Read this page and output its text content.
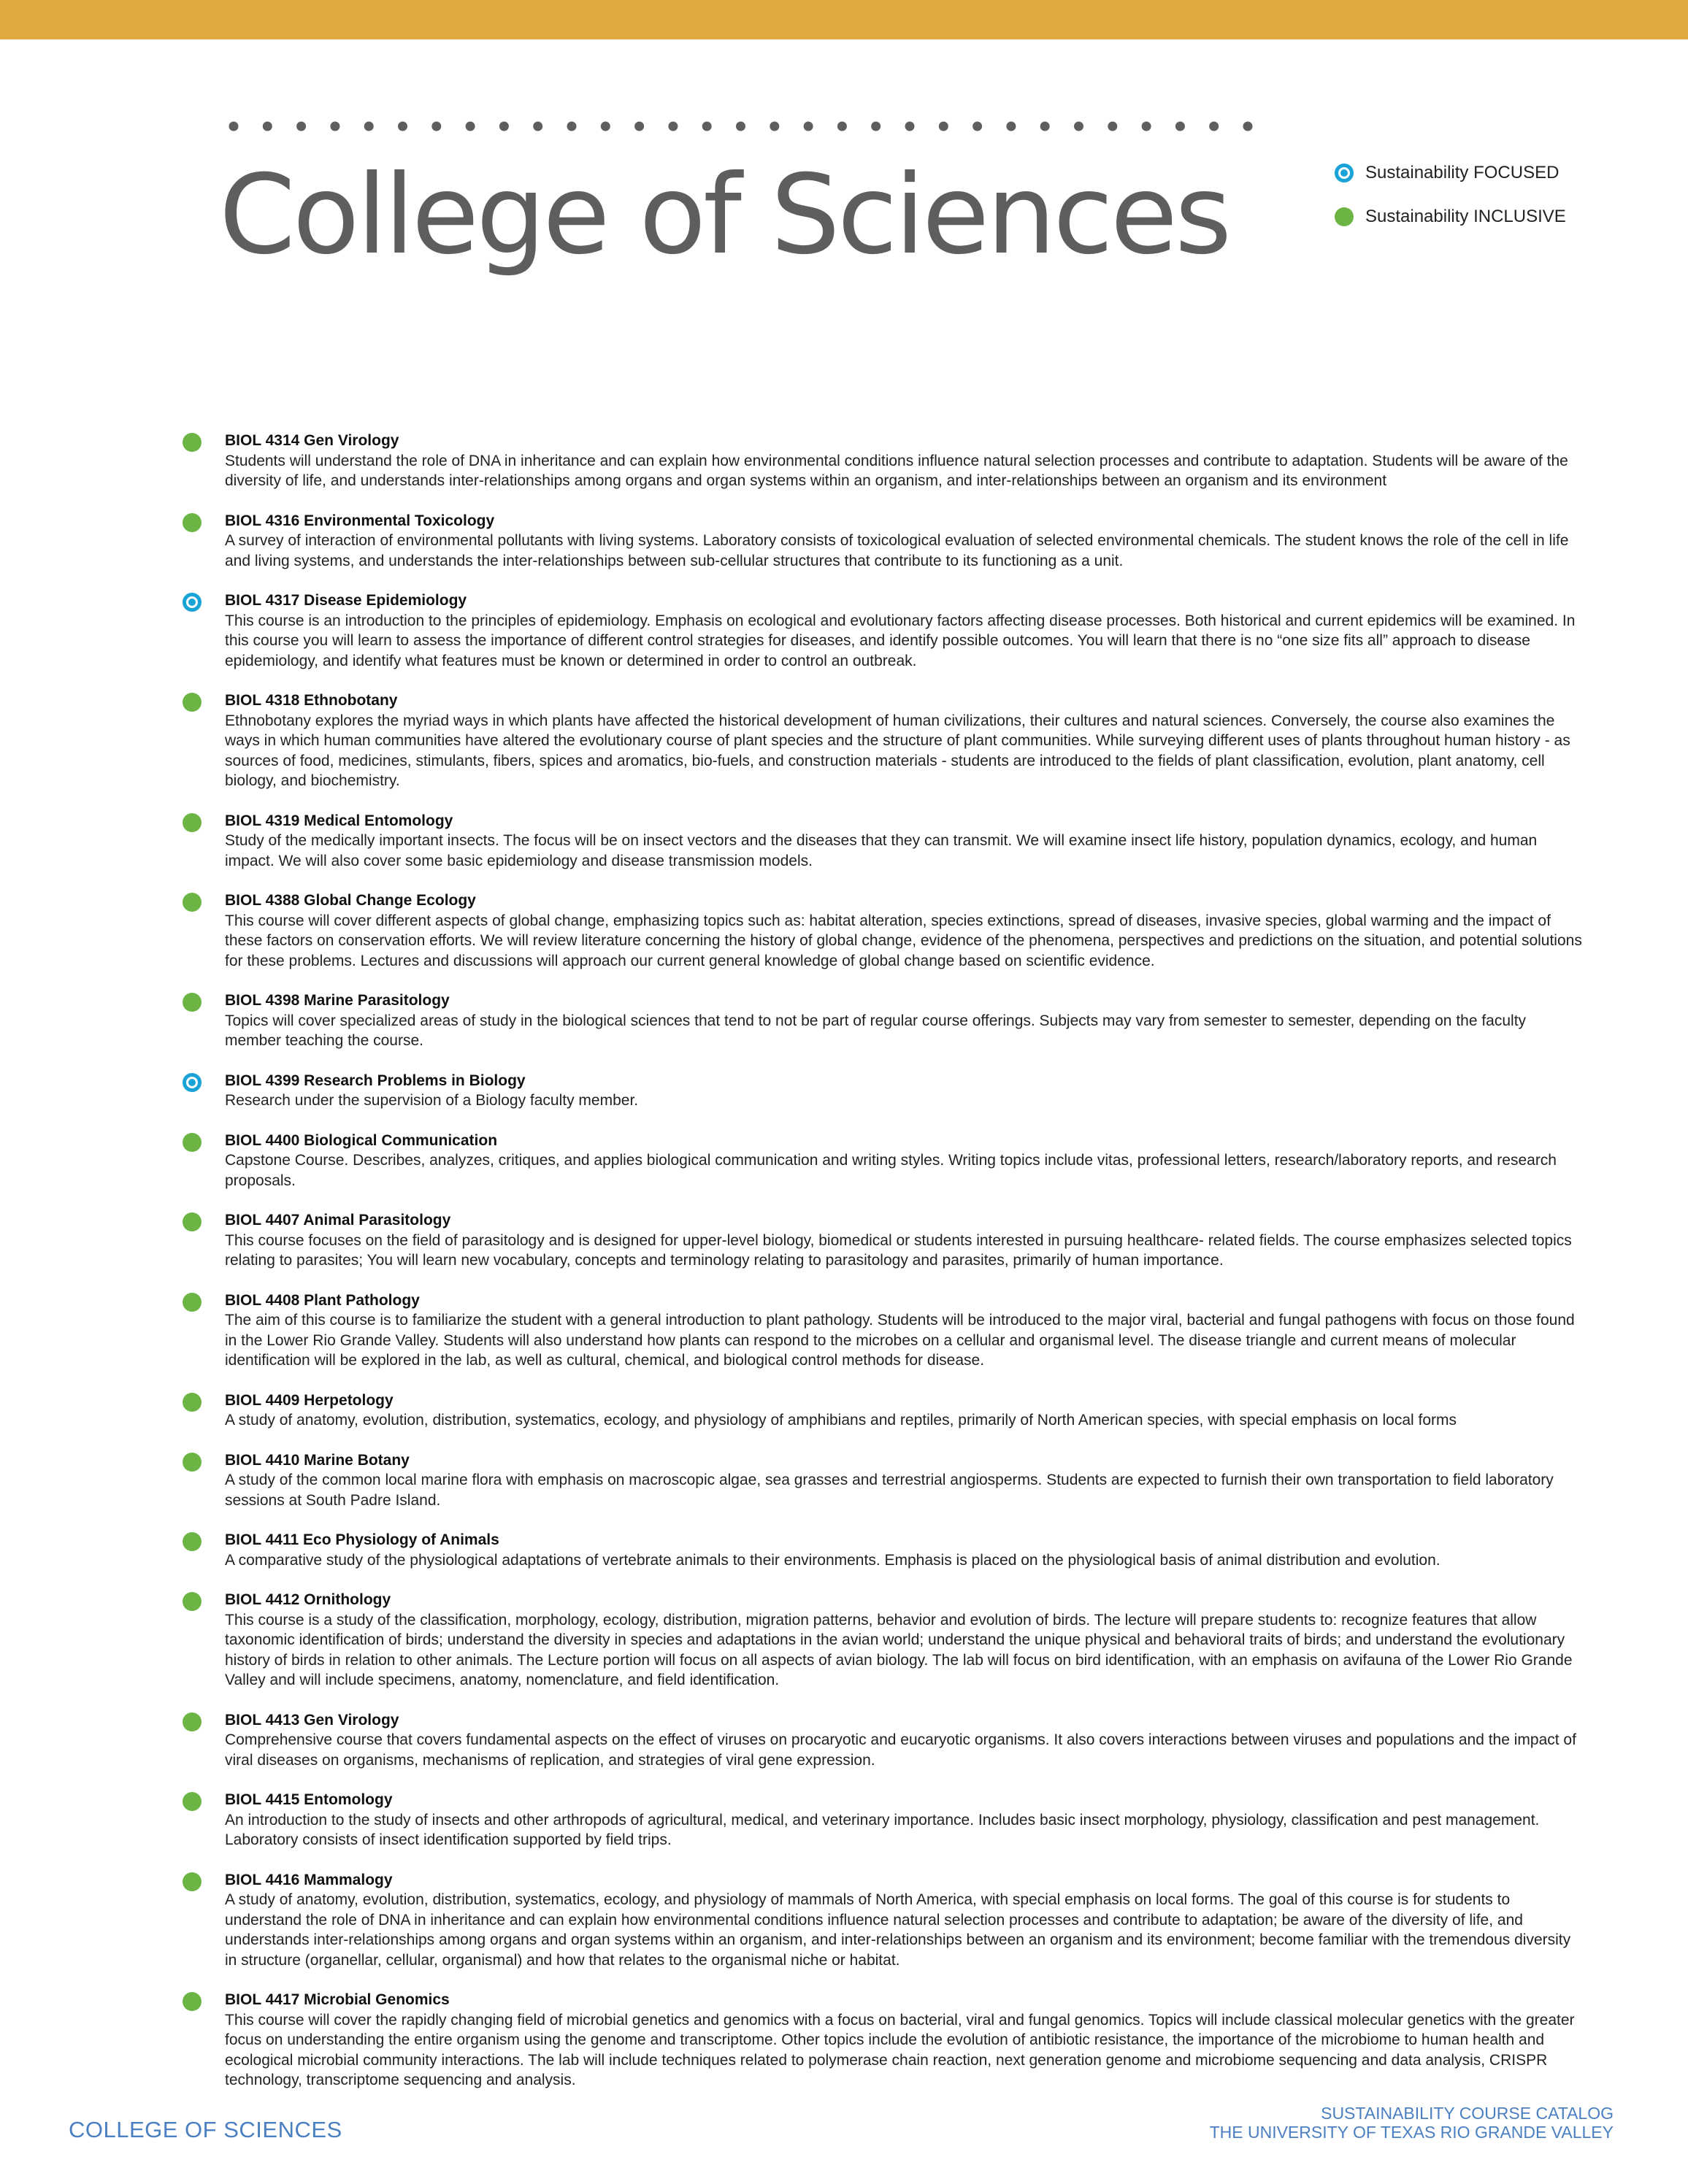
College of Sciences	Sustainability FOCUSED
Sustainability INCLUSIVE

BIOL 4314 Gen Virology

Students will understand the role of DNA in inheritance and can explain how environmental conditions influence natural selection processes and contribute to adaptation. Students will be aware of the diversity of life, and understands inter-relationships among organs and organ systems within an organism, and inter-relationships between an organism and its environment

BIOL 4316 Environmental Toxicology

A survey of interaction of environmental pollutants with living systems. Laboratory consists of toxicological evaluation of selected environmental chemicals. The student knows the role of the cell in life and living systems, and understands the inter-relationships between sub-cellular structures that contribute to its functioning as a unit.

BIOL 4317 Disease Epidemiology

This course is an introduction to the principles of epidemiology. Emphasis on ecological and evolutionary factors affecting disease processes. Both historical and current epidemics will be examined. In this course you will learn to assess the importance of different control strategies for diseases, and identify possible outcomes. You will learn that there is no “one size fits all” approach to disease epidemiology, and identify what features must be known or determined in order to control an outbreak.

BIOL 4318 Ethnobotany

Ethnobotany explores the myriad ways in which plants have affected the historical development of human civilizations, their cultures and natural sciences. Conversely, the course also examines the ways in which human communities have altered the evolutionary course of plant species and the structure of plant communities. While surveying different uses of plants throughout human history - as sources of food, medicines, stimulants, fibers, spices and aromatics, bio-fuels, and construction materials - students are introduced to the fields of plant classification, evolution, plant anatomy, cell biology, and biochemistry.

BIOL 4319 Medical Entomology

Study of the medically important insects. The focus will be on insect vectors and the diseases that they can transmit. We will examine insect life history, population dynamics, ecology, and human impact. We will also cover some basic epidemiology and disease transmission models.

BIOL 4388 Global Change Ecology

This course will cover different aspects of global change, emphasizing topics such as: habitat alteration, species extinctions, spread of diseases, invasive species, global warming and the impact of these factors on conservation efforts. We will review literature concerning the history of global change, evidence of the phenomena, perspectives and predictions on the situation, and potential solutions for these problems. Lectures and discussions will approach our current general knowledge of global change based on scientific evidence.

BIOL 4398 Marine Parasitology

Topics will cover specialized areas of study in the biological sciences that tend to not be part of regular course offerings. Subjects may vary from semester to semester, depending on the faculty member teaching the course.

BIOL 4399 Research Problems in Biology

Research under the supervision of a Biology faculty member.

BIOL 4400 Biological Communication

Capstone Course. Describes, analyzes, critiques, and applies biological communication and writing styles. Writing topics include vitas, professional letters, research/laboratory reports, and research proposals.

BIOL 4407 Animal Parasitology

This course focuses on the field of parasitology and is designed for upper-level biology, biomedical or students interested in pursuing healthcare- related fields. The course emphasizes selected topics relating to parasites; You will learn new vocabulary, concepts and terminology relating to parasitology and parasites, primarily of human importance.

BIOL 4408 Plant Pathology

The aim of this course is to familiarize the student with a general introduction to plant pathology. Students will be introduced to the major viral, bacterial and fungal pathogens with focus on those found in the Lower Rio Grande Valley. Students will also understand how plants can respond to the microbes on a cellular and organismal level. The disease triangle and current means of molecular identification will be explored in the lab, as well as cultural, chemical, and biological control methods for disease.

BIOL 4409 Herpetology

A study of anatomy, evolution, distribution, systematics, ecology, and physiology of amphibians and reptiles, primarily of North American species, with special emphasis on local forms

BIOL 4410 Marine Botany

A study of the common local marine flora with emphasis on macroscopic algae, sea grasses and terrestrial angiosperms. Students are expected to furnish their own transportation to field laboratory sessions at South Padre Island.

BIOL 4411 Eco Physiology of Animals

A comparative study of the physiological adaptations of vertebrate animals to their environments. Emphasis is placed on the physiological basis of animal distribution and evolution.

BIOL 4412 Ornithology

This course is a study of the classification, morphology, ecology, distribution, migration patterns, behavior and evolution of birds. The lecture will prepare students to: recognize features that allow taxonomic identification of birds; understand the diversity in species and adaptations in the avian world; understand the unique physical and behavioral traits of birds; and understand the evolutionary history of birds in relation to other animals. The Lecture portion will focus on all aspects of avian biology. The lab will focus on bird identification, with an emphasis on avifauna of the Lower Rio Grande Valley and will include specimens, anatomy, nomenclature, and field identification.

BIOL 4413 Gen Virology

Comprehensive course that covers fundamental aspects on the effect of viruses on procaryotic and eucaryotic organisms. It also covers interactions between viruses and populations and the impact of viral diseases on organisms, mechanisms of replication, and strategies of viral gene expression.

BIOL 4415 Entomology

An introduction to the study of insects and other arthropods of agricultural, medical, and veterinary importance. Includes basic insect morphology, physiology, classification and pest management. Laboratory consists of insect identification supported by field trips.

BIOL 4416 Mammalogy

A study of anatomy, evolution, distribution, systematics, ecology, and physiology of mammals of North America, with special emphasis on local forms. The goal of this course is for students to understand the role of DNA in inheritance and can explain how environmental conditions influence natural selection processes and contribute to adaptation; be aware of the diversity of life, and understands inter-relationships among organs and organ systems within an organism, and inter-relationships between an organism and its environment; become familiar with the tremendous diversity in structure (organellar, cellular, organismal) and how that relates to the organismal niche or habitat.

BIOL 4417 Microbial Genomics

This course will cover the rapidly changing field of microbial genetics and genomics with a focus on bacterial, viral and fungal genomics. Topics will include classical molecular genetics with the greater focus on understanding the entire organism using the genome and transcriptome. Other topics include the evolution of antibiotic resistance, the importance of the microbiome to human health and ecological microbial community interactions. The lab will include techniques related to polymerase chain reaction, next generation genome and microbiome sequencing and data analysis, CRISPR technology, transcriptome sequencing and analysis.

COLLEGE OF SCIENCES
SUSTAINABILITY COURSE CATALOG
THE UNIVERSITY OF TEXAS RIO GRANDE VALLEY
